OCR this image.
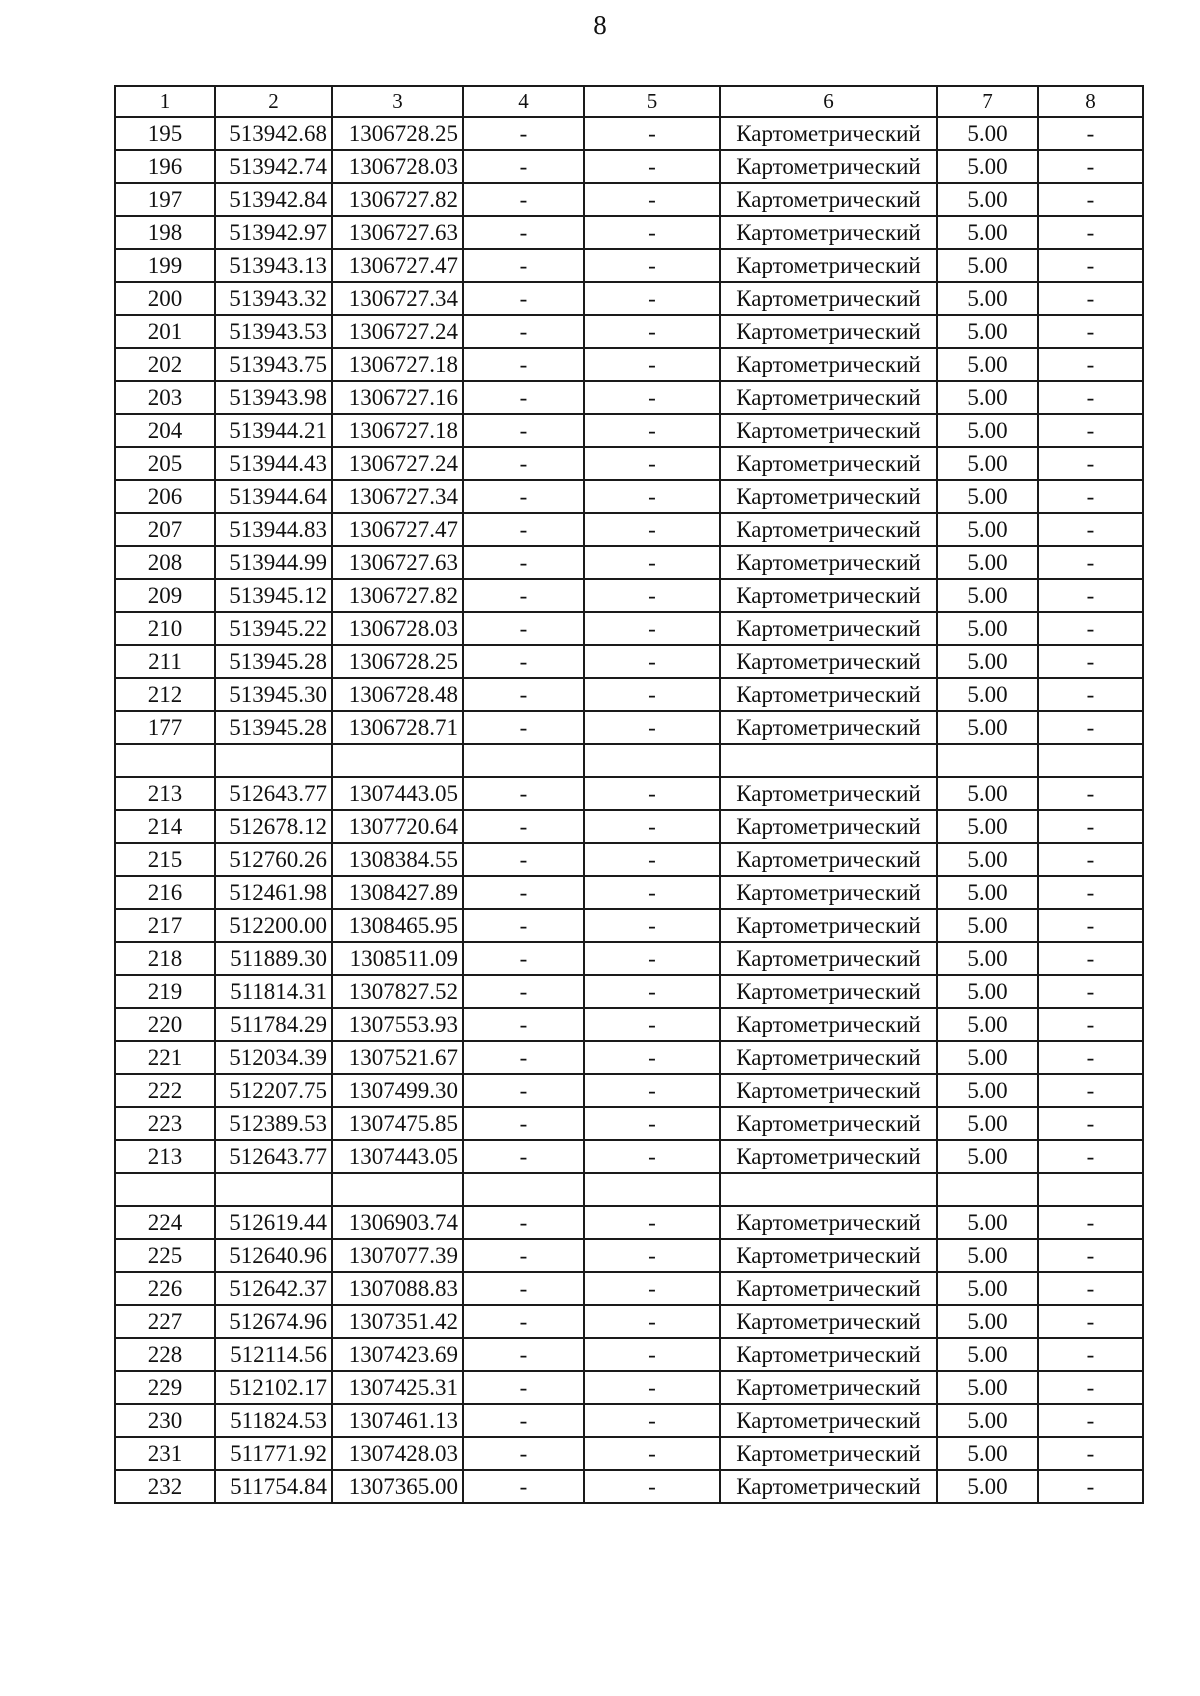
8
1	2	3	4	5	6	7	8
195	513942.68	1306728.25	-	-	Картометрический	5.00	-
196	513942.74	1306728.03	-	-	Картометрический	5.00	-
197	513942.84	1306727.82	-	-	Картометрический	5.00	-
198	513942.97	1306727.63	-	-	Картометрический	5.00	-
199	513943.13	1306727.47	-	-	Картометрический	5.00	-
200	513943.32	1306727.34	-	-	Картометрический	5.00	-
201	513943.53	1306727.24	-	-	Картометрический	5.00	-
202	513943.75	1306727.18	-	-	Картометрический	5.00	-
203	513943.98	1306727.16	-	-	Картометрический	5.00	-
204	513944.21	1306727.18	-	-	Картометрический	5.00	-
205	513944.43	1306727.24	-	-	Картометрический	5.00	-
206	513944.64	1306727.34	-	-	Картометрический	5.00	-
207	513944.83	1306727.47	-	-	Картометрический	5.00	-
208	513944.99	1306727.63	-	-	Картометрический	5.00	-
209	513945.12	1306727.82	-	-	Картометрический	5.00	-
210	513945.22	1306728.03	-	-	Картометрический	5.00	-
211	513945.28	1306728.25	-	-	Картометрический	5.00	-
212	513945.30	1306728.48	-	-	Картометрический	5.00	-
177	513945.28	1306728.71	-	-	Картометрический	5.00	-

213	512643.77	1307443.05	-	-	Картометрический	5.00	-
214	512678.12	1307720.64	-	-	Картометрический	5.00	-
215	512760.26	1308384.55	-	-	Картометрический	5.00	-
216	512461.98	1308427.89	-	-	Картометрический	5.00	-
217	512200.00	1308465.95	-	-	Картометрический	5.00	-
218	511889.30	1308511.09	-	-	Картометрический	5.00	-
219	511814.31	1307827.52	-	-	Картометрический	5.00	-
220	511784.29	1307553.93	-	-	Картометрический	5.00	-
221	512034.39	1307521.67	-	-	Картометрический	5.00	-
222	512207.75	1307499.30	-	-	Картометрический	5.00	-
223	512389.53	1307475.85	-	-	Картометрический	5.00	-
213	512643.77	1307443.05	-	-	Картометрический	5.00	-

224	512619.44	1306903.74	-	-	Картометрический	5.00	-
225	512640.96	1307077.39	-	-	Картометрический	5.00	-
226	512642.37	1307088.83	-	-	Картометрический	5.00	-
227	512674.96	1307351.42	-	-	Картометрический	5.00	-
228	512114.56	1307423.69	-	-	Картометрический	5.00	-
229	512102.17	1307425.31	-	-	Картометрический	5.00	-
230	511824.53	1307461.13	-	-	Картометрический	5.00	-
231	511771.92	1307428.03	-	-	Картометрический	5.00	-
232	511754.84	1307365.00	-	-	Картометрический	5.00	-
